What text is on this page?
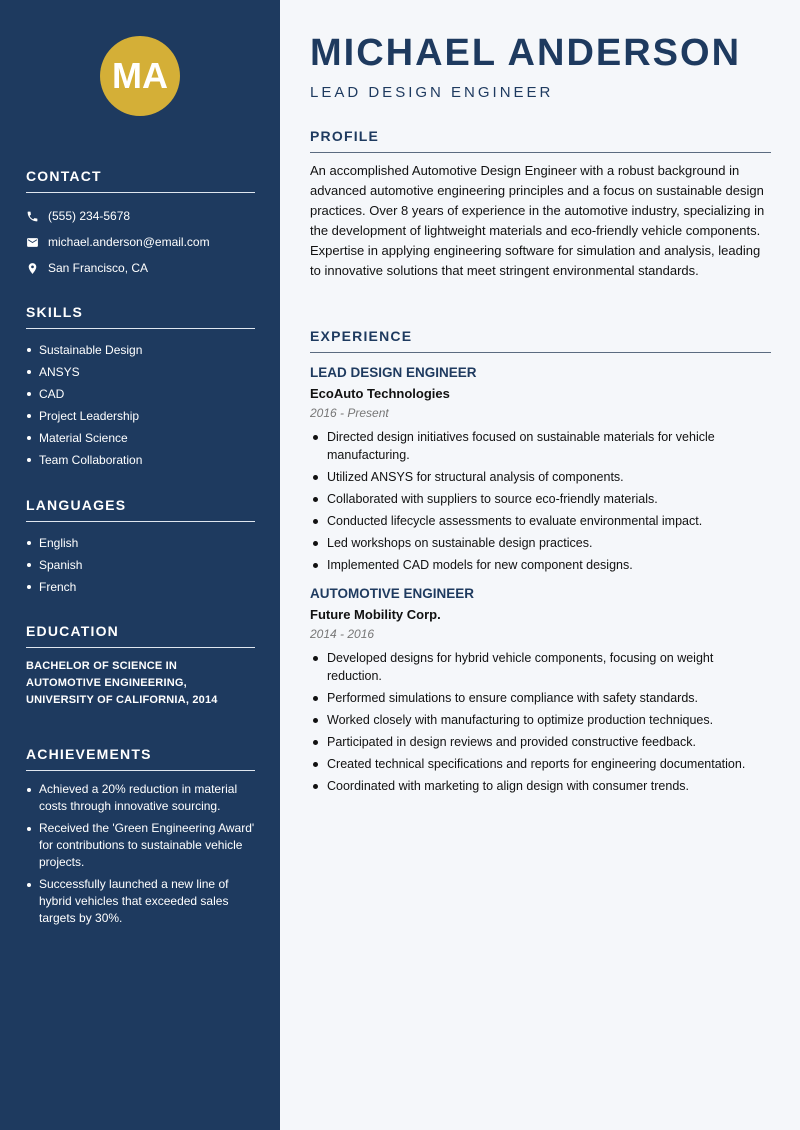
MA
CONTACT
(555) 234-5678
michael.anderson@email.com
San Francisco, CA
SKILLS
Sustainable Design
ANSYS
CAD
Project Leadership
Material Science
Team Collaboration
LANGUAGES
English
Spanish
French
EDUCATION
BACHELOR OF SCIENCE IN AUTOMOTIVE ENGINEERING, UNIVERSITY OF CALIFORNIA, 2014
ACHIEVEMENTS
Achieved a 20% reduction in material costs through innovative sourcing.
Received the 'Green Engineering Award' for contributions to sustainable vehicle projects.
Successfully launched a new line of hybrid vehicles that exceeded sales targets by 30%.
MICHAEL ANDERSON
LEAD DESIGN ENGINEER
PROFILE
An accomplished Automotive Design Engineer with a robust background in advanced automotive engineering principles and a focus on sustainable design practices. Over 8 years of experience in the automotive industry, specializing in the development of lightweight materials and eco-friendly vehicle components. Expertise in applying engineering software for simulation and analysis, leading to innovative solutions that meet stringent environmental standards.
EXPERIENCE
LEAD DESIGN ENGINEER
EcoAuto Technologies
2016 - Present
Directed design initiatives focused on sustainable materials for vehicle manufacturing.
Utilized ANSYS for structural analysis of components.
Collaborated with suppliers to source eco-friendly materials.
Conducted lifecycle assessments to evaluate environmental impact.
Led workshops on sustainable design practices.
Implemented CAD models for new component designs.
AUTOMOTIVE ENGINEER
Future Mobility Corp.
2014 - 2016
Developed designs for hybrid vehicle components, focusing on weight reduction.
Performed simulations to ensure compliance with safety standards.
Worked closely with manufacturing to optimize production techniques.
Participated in design reviews and provided constructive feedback.
Created technical specifications and reports for engineering documentation.
Coordinated with marketing to align design with consumer trends.
